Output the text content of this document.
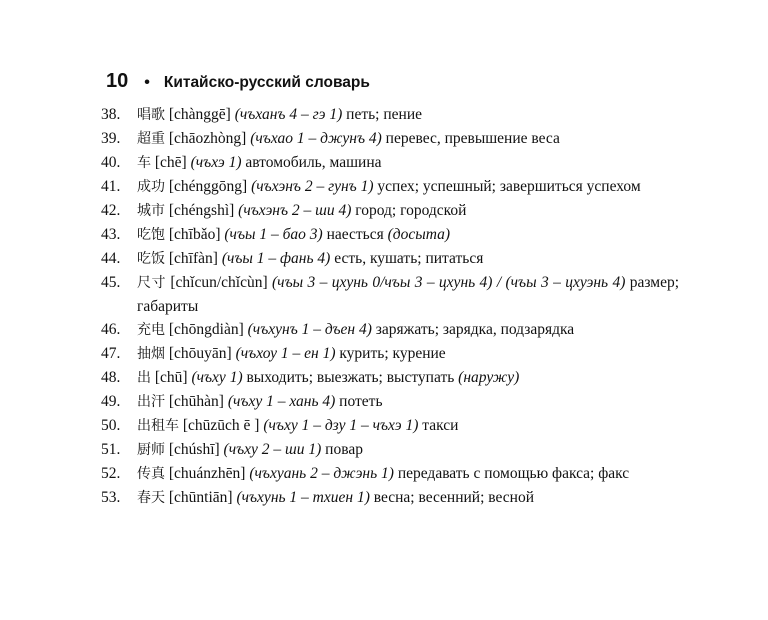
10 • Китайско-русский словарь
38.	唱歌 [chànggē] (чъханъ 4 – гэ 1) петь; пение
39.	超重 [chāozhòng] (чъхао 1 – джунъ 4) перевес, превышение веса
40.	车 [chē] (чъхэ 1) автомобиль, машина
41.	成功 [chénggōng] (чъхэнъ 2 – гунъ 1) успех; успешный; завершиться успехом
42.	城市 [chéngshì] (чъхэнъ 2 – ши 4) город; городской
43.	吃饱 [chībǎo] (чъы 1 – бао 3) наесться (досыта)
44.	吃饭 [chīfàn] (чъы 1 – фань 4) есть, кушать; питаться
45.	尺寸 [chǐcun/chǐcùn] (чъы 3 – цхунь 0/чъы 3 – цхунь 4) / (чъы 3 – цхуэнь 4) размер; габариты
46.	充电 [chōngdiàn] (чъхунъ 1 – дъен 4) заряжать; зарядка, подзарядка
47.	抽烟 [chōuyān] (чъхоу 1 – ен 1) курить; курение
48.	出 [chū] (чъху 1) выходить; выезжать; выступать (наружу)
49.	出汗 [chūhàn] (чъху 1 – хань 4) потеть
50.	出租车 [chūzūch ē ] (чъху 1 – дзу 1 – чъхэ 1) такси
51.	厨师 [chúshī] (чъху 2 – ши 1) повар
52.	传真 [chuánzhēn] (чъхуань 2 – джэнь 1) передавать с помощью факса; факс
53.	春天 [chūntiān] (чъхунь 1 – тхиен 1) весна; весенний; весной
